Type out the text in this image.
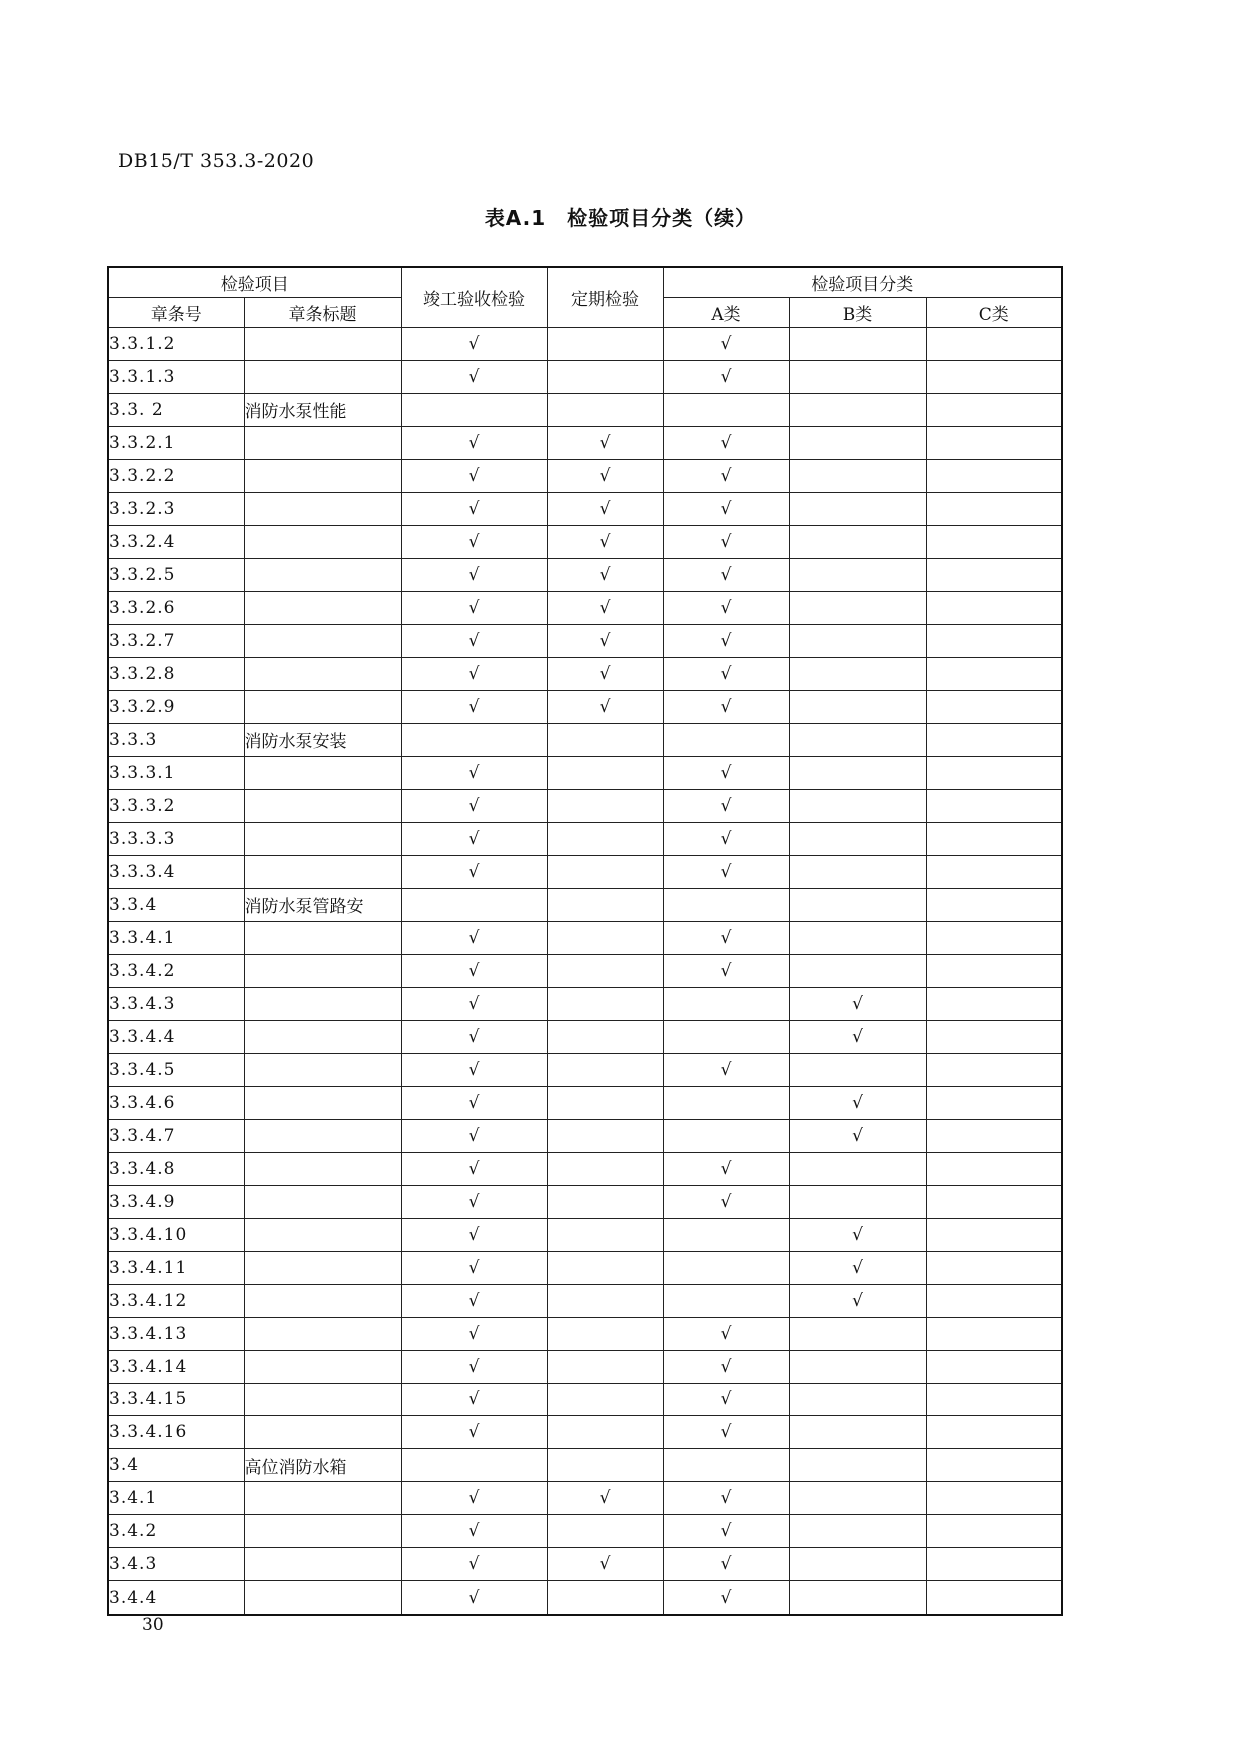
DB15/T 353.3-2020
表A.1　检验项目分类（续）
检验项目		竣工验收检验	定期检验	检验项目分类		
章条号	章条标题			A类	B类	C类
3.3.1.2		√		√		
3.3.1.3		√		√		
3.3. 2	消防水泵性能					
3.3.2.1		√	√	√		
3.3.2.2		√	√	√		
3.3.2.3		√	√	√		
3.3.2.4		√	√	√		
3.3.2.5		√	√	√		
3.3.2.6		√	√	√		
3.3.2.7		√	√	√		
3.3.2.8		√	√	√		
3.3.2.9		√	√	√		
3.3.3	消防水泵安装					
3.3.3.1		√		√		
3.3.3.2		√		√		
3.3.3.3		√		√		
3.3.3.4		√		√		
3.3.4	消防水泵管路安					
3.3.4.1		√		√		
3.3.4.2		√		√		
3.3.4.3		√			√	
3.3.4.4		√			√	
3.3.4.5		√		√		
3.3.4.6		√			√	
3.3.4.7		√			√	
3.3.4.8		√		√		
3.3.4.9		√		√		
3.3.4.10		√			√	
3.3.4.11		√			√	
3.3.4.12		√			√	
3.3.4.13		√		√		
3.3.4.14		√		√		
3.3.4.15		√		√		
3.3.4.16		√		√		
3.4	高位消防水箱					
3.4.1		√	√	√		
3.4.2		√		√		
3.4.3		√	√	√		
3.4.4		√		√		
30
